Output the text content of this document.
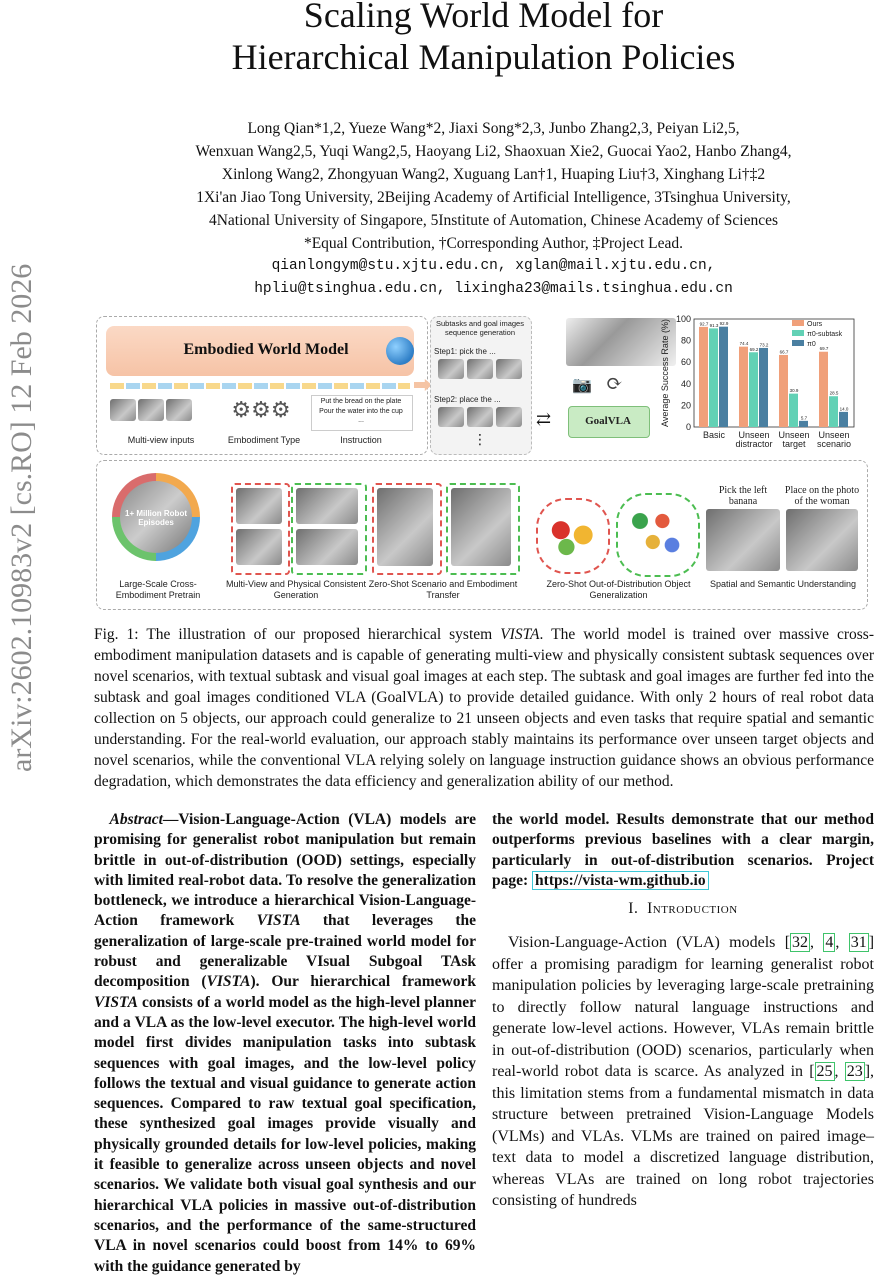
arXiv:2602.10983v2 [cs.RO] 12 Feb 2026
Scaling World Model for
Hierarchical Manipulation Policies
Long Qian*1,2, Yueze Wang*2, Jiaxi Song*2,3, Junbo Zhang2,3, Peiyan Li2,5,
Wenxuan Wang2,5, Yuqi Wang2,5, Haoyang Li2, Shaoxuan Xie2, Guocai Yao2, Hanbo Zhang4,
Xinlong Wang2, Zhongyuan Wang2, Xuguang Lan†1, Huaping Liu†3, Xinghang Li†‡2
1Xi'an Jiao Tong University, 2Beijing Academy of Artificial Intelligence, 3Tsinghua University,
4National University of Singapore, 5Institute of Automation, Chinese Academy of Sciences
*Equal Contribution, †Corresponding Author, ‡Project Lead.
qianlongym@stu.xjtu.edu.cn, xglan@mail.xjtu.edu.cn,
hpliu@tsinghua.edu.cn, lixingha23@mails.tsinghua.edu.cn
Embodied World Model
Multi-view inputs
⚙⚙⚙
Embodiment Type
Put the bread on the plate
Pour the water into the cup
...
Instruction
Subtasks and goal images sequence generation
Step1: pick the ...
Step2: place the ...
⋮
📷 ⟳
GoalVLA
⇄	0
20
40
60
80
100
Average Success Rate (%)	92.7 91.3 92.9
Basic
74.4
69.2
73.2
Unseen
distractor
66.7
30.9
5.7
Unseen
target
69.7
28.5
14.0
Unseen
scenario
Ours
π0-subtask
π0
1+ Million Robot Episodes
Large-Scale Cross-Embodiment Pretrain
Multi-View and Physical Consistent Generation
Zero-Shot Scenario and Embodiment Transfer
Zero-Shot Out-of-Distribution Object Generalization
Pick the left banana
Place on the photo of the woman
Spatial and Semantic Understanding
Fig. 1: The illustration of our proposed hierarchical system VISTA. The world model is trained over massive cross-embodiment manipulation datasets and is capable of generating multi-view and physically consistent subtask sequences over novel scenarios, with textual subtask and visual goal images at each step. The subtask and goal images are further fed into the subtask and goal images conditioned VLA (GoalVLA) to provide detailed guidance. With only 2 hours of real robot data collection on 5 objects, our approach could generalize to 21 unseen objects and even tasks that require spatial and semantic understanding. For the real-world evaluation, our approach stably maintains its performance over unseen target objects and novel scenarios, while the conventional VLA relying solely on language instruction guidance shows an obvious performance degradation, which demonstrates the data efficiency and generalization ability of our method.
Abstract—Vision-Language-Action (VLA) models are promising for generalist robot manipulation but remain brittle in out-of-distribution (OOD) settings, especially with limited real-robot data. To resolve the generalization bottleneck, we introduce a hierarchical Vision-Language-Action framework VISTA that leverages the generalization of large-scale pre-trained world model for robust and generalizable VIsual Subgoal TAsk decomposition (VISTA). Our hierarchical framework VISTA consists of a world model as the high-level planner and a VLA as the low-level executor. The high-level world model first divides manipulation tasks into subtask sequences with goal images, and the low-level policy follows the textual and visual guidance to generate action sequences. Compared to raw textual goal specification, these synthesized goal images provide visually and physically grounded details for low-level policies, making it feasible to generalize across unseen objects and novel scenarios. We validate both visual goal synthesis and our hierarchical VLA policies in massive out-of-distribution scenarios, and the performance of the same-structured VLA in novel scenarios could boost from 14% to 69% with the guidance generated by
the world model. Results demonstrate that our method outperforms previous baselines with a clear margin, particularly in out-of-distribution scenarios. Project page: https://vista-wm.github.io
I. Introduction
Vision-Language-Action (VLA) models [ 32 , 4 , 31 ] offer a promising paradigm for learning generalist robot manipulation policies by leveraging large-scale pretraining to directly follow natural language instructions and generate low-level actions. However, VLAs remain brittle in out-of-distribution (OOD) scenarios, particularly when real-world robot data is scarce. As analyzed in [ 25 , 23 ], this limitation stems from a fundamental mismatch in data structure between pretrained Vision-Language Models (VLMs) and VLAs. VLMs are trained on paired image–text data to model a discretized language distribution, whereas VLAs are trained on long robot trajectories consisting of hundreds
